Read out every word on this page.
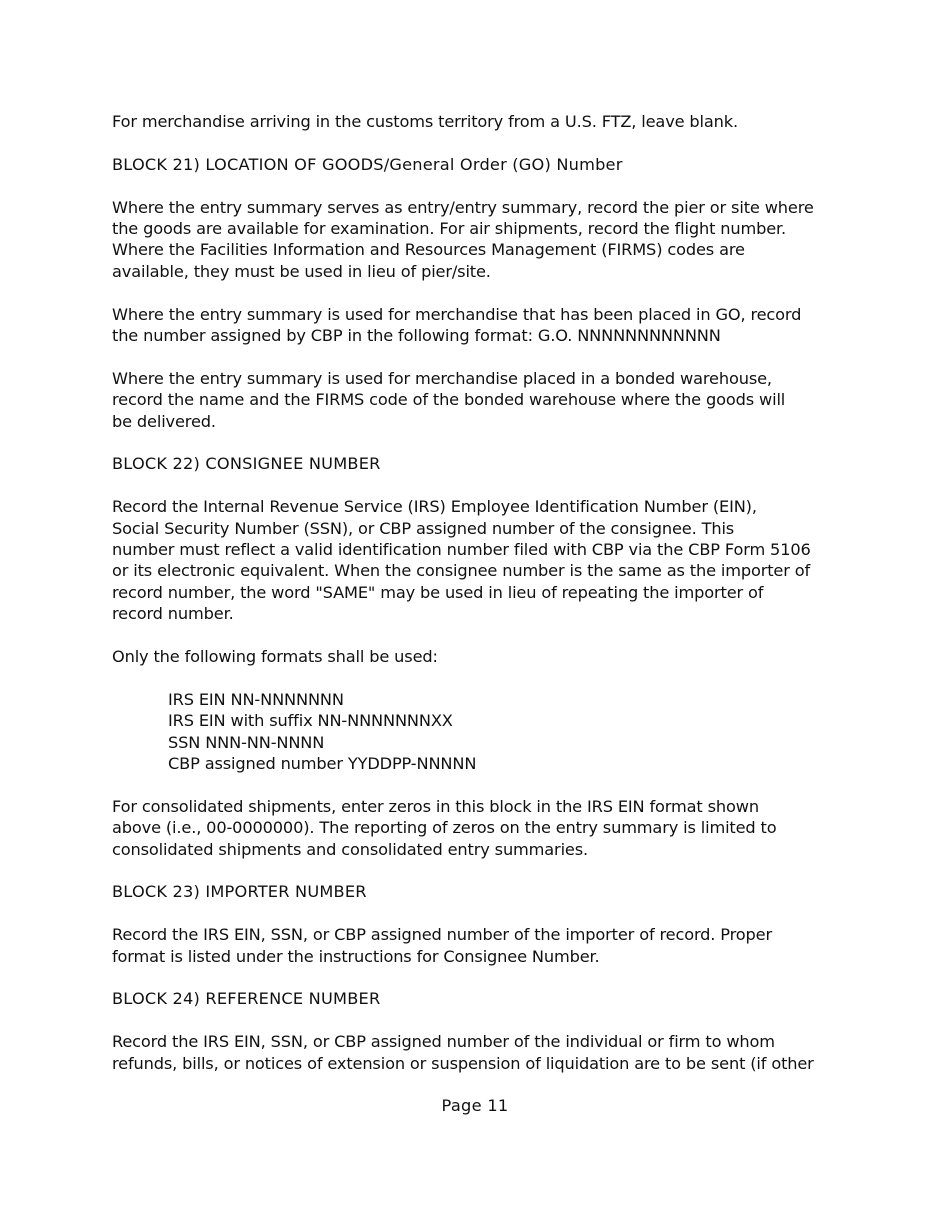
For merchandise arriving in the customs territory from a U.S. FTZ, leave blank.

BLOCK 21) LOCATION OF GOODS/General Order (GO) Number

Where the entry summary serves as entry/entry summary, record the pier or site where
the goods are available for examination. For air shipments, record the flight number.
Where the Facilities Information and Resources Management (FIRMS) codes are
available, they must be used in lieu of pier/site.

Where the entry summary is used for merchandise that has been placed in GO, record
the number assigned by CBP in the following format: G.O. NNNNNNNNNNNN

Where the entry summary is used for merchandise placed in a bonded warehouse,
record the name and the FIRMS code of the bonded warehouse where the goods will
be delivered.

BLOCK 22) CONSIGNEE NUMBER

Record the Internal Revenue Service (IRS) Employee Identification Number (EIN),
Social Security Number (SSN), or CBP assigned number of the consignee. This
number must reflect a valid identification number filed with CBP via the CBP Form 5106
or its electronic equivalent. When the consignee number is the same as the importer of
record number, the word "SAME" may be used in lieu of repeating the importer of
record number.

Only the following formats shall be used:

IRS EIN NN-NNNNNNN
IRS EIN with suffix NN-NNNNNNNXX
SSN NNN-NN-NNNN
CBP assigned number YYDDPP-NNNNN

For consolidated shipments, enter zeros in this block in the IRS EIN format shown
above (i.e., 00-0000000). The reporting of zeros on the entry summary is limited to
consolidated shipments and consolidated entry summaries.

BLOCK 23) IMPORTER NUMBER

Record the IRS EIN, SSN, or CBP assigned number of the importer of record. Proper
format is listed under the instructions for Consignee Number.

BLOCK 24) REFERENCE NUMBER

Record the IRS EIN, SSN, or CBP assigned number of the individual or firm to whom
refunds, bills, or notices of extension or suspension of liquidation are to be sent (if other

Page 11
